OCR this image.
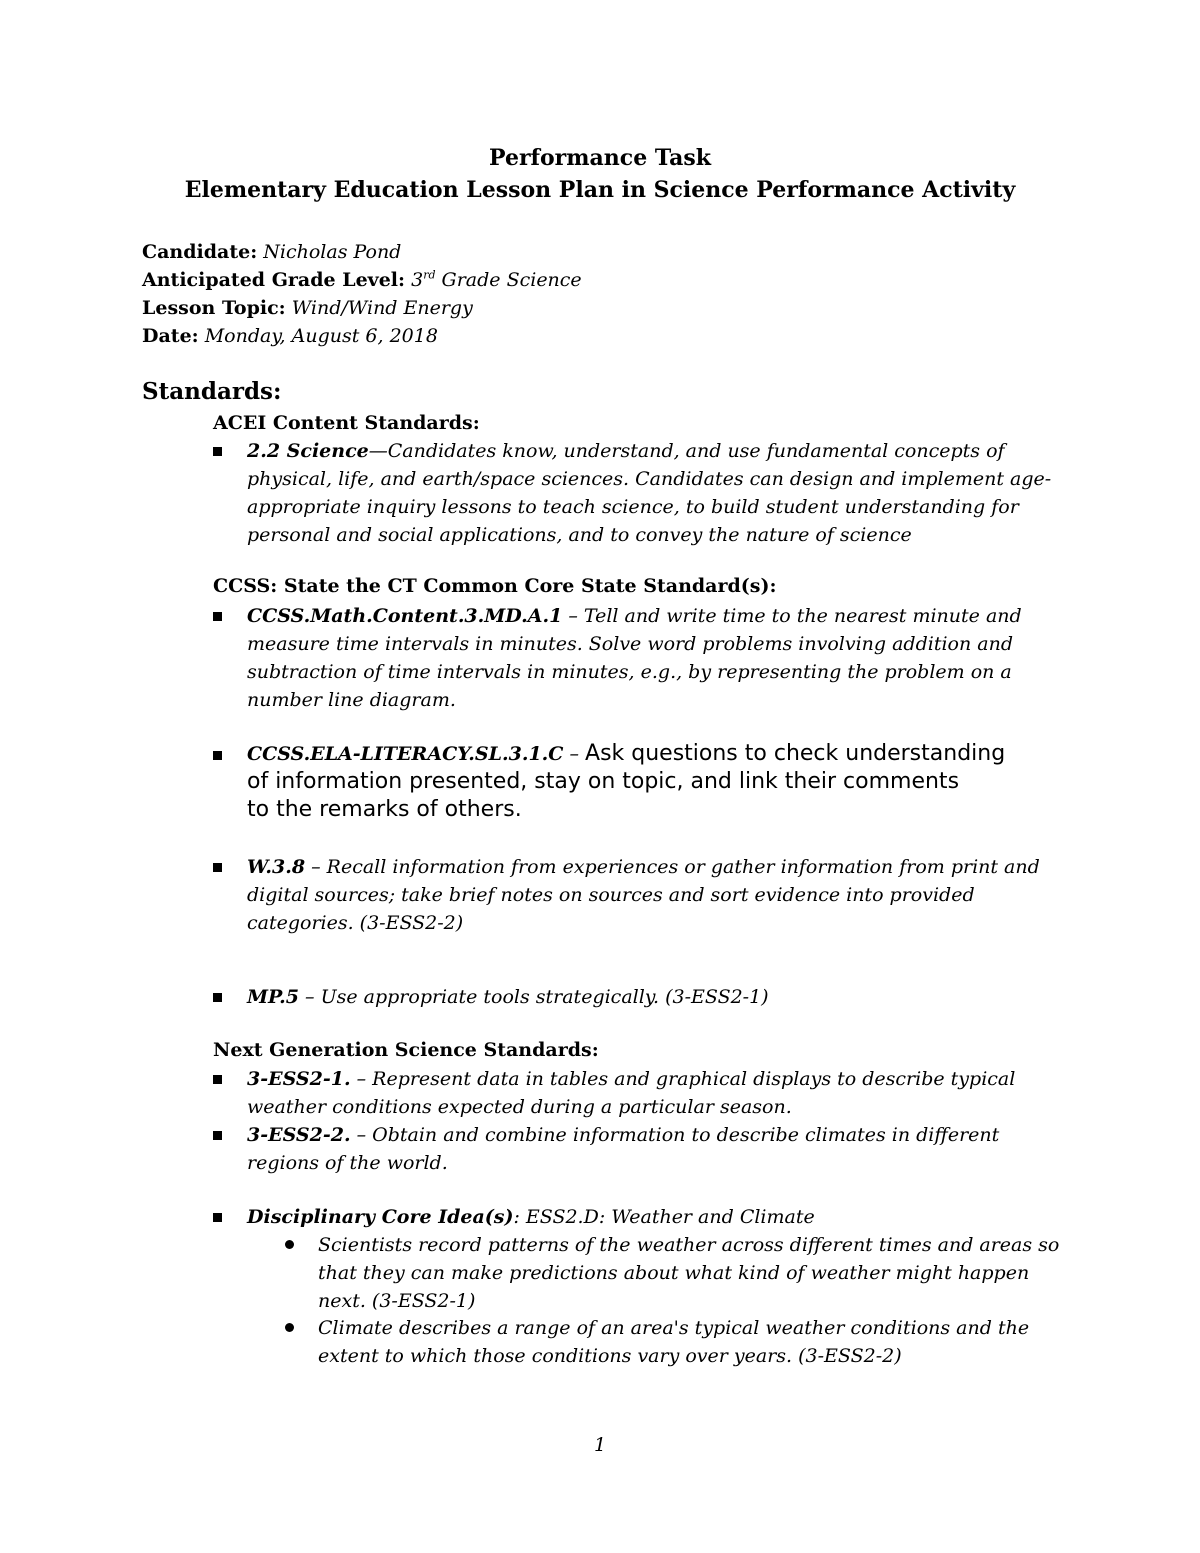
Performance Task
Elementary Education Lesson Plan in Science Performance Activity
Candidate: Nicholas Pond
Anticipated Grade Level: 3rd Grade Science
Lesson Topic: Wind/Wind Energy
Date: Monday, August 6, 2018
Standards:
ACEI Content Standards:
2.2 Science—Candidates know, understand, and use fundamental concepts of
physical, life, and earth/space sciences. Candidates can design and implement age-
appropriate inquiry lessons to teach science, to build student understanding for
personal and social applications, and to convey the nature of science
CCSS: State the CT Common Core State Standard(s):
CCSS.Math.Content.3.MD.A.1 – Tell and write time to the nearest minute and
measure time intervals in minutes. Solve word problems involving addition and
subtraction of time intervals in minutes, e.g., by representing the problem on a
number line diagram.
CCSS.ELA-LITERACY.SL.3.1.C – Ask questions to check understanding
of information presented, stay on topic, and link their comments
to the remarks of others.
W.3.8 – Recall information from experiences or gather information from print and
digital sources; take brief notes on sources and sort evidence into provided
categories. (3-ESS2-2)
MP.5 – Use appropriate tools strategically. (3-ESS2-1)
Next Generation Science Standards:
3-ESS2-1. – Represent data in tables and graphical displays to describe typical
weather conditions expected during a particular season.
3-ESS2-2. – Obtain and combine information to describe climates in different
regions of the world.
Disciplinary Core Idea(s): ESS2.D: Weather and Climate
Scientists record patterns of the weather across different times and areas so
that they can make predictions about what kind of weather might happen
next. (3-ESS2-1)
Climate describes a range of an area's typical weather conditions and the
extent to which those conditions vary over years. (3-ESS2-2)
1
